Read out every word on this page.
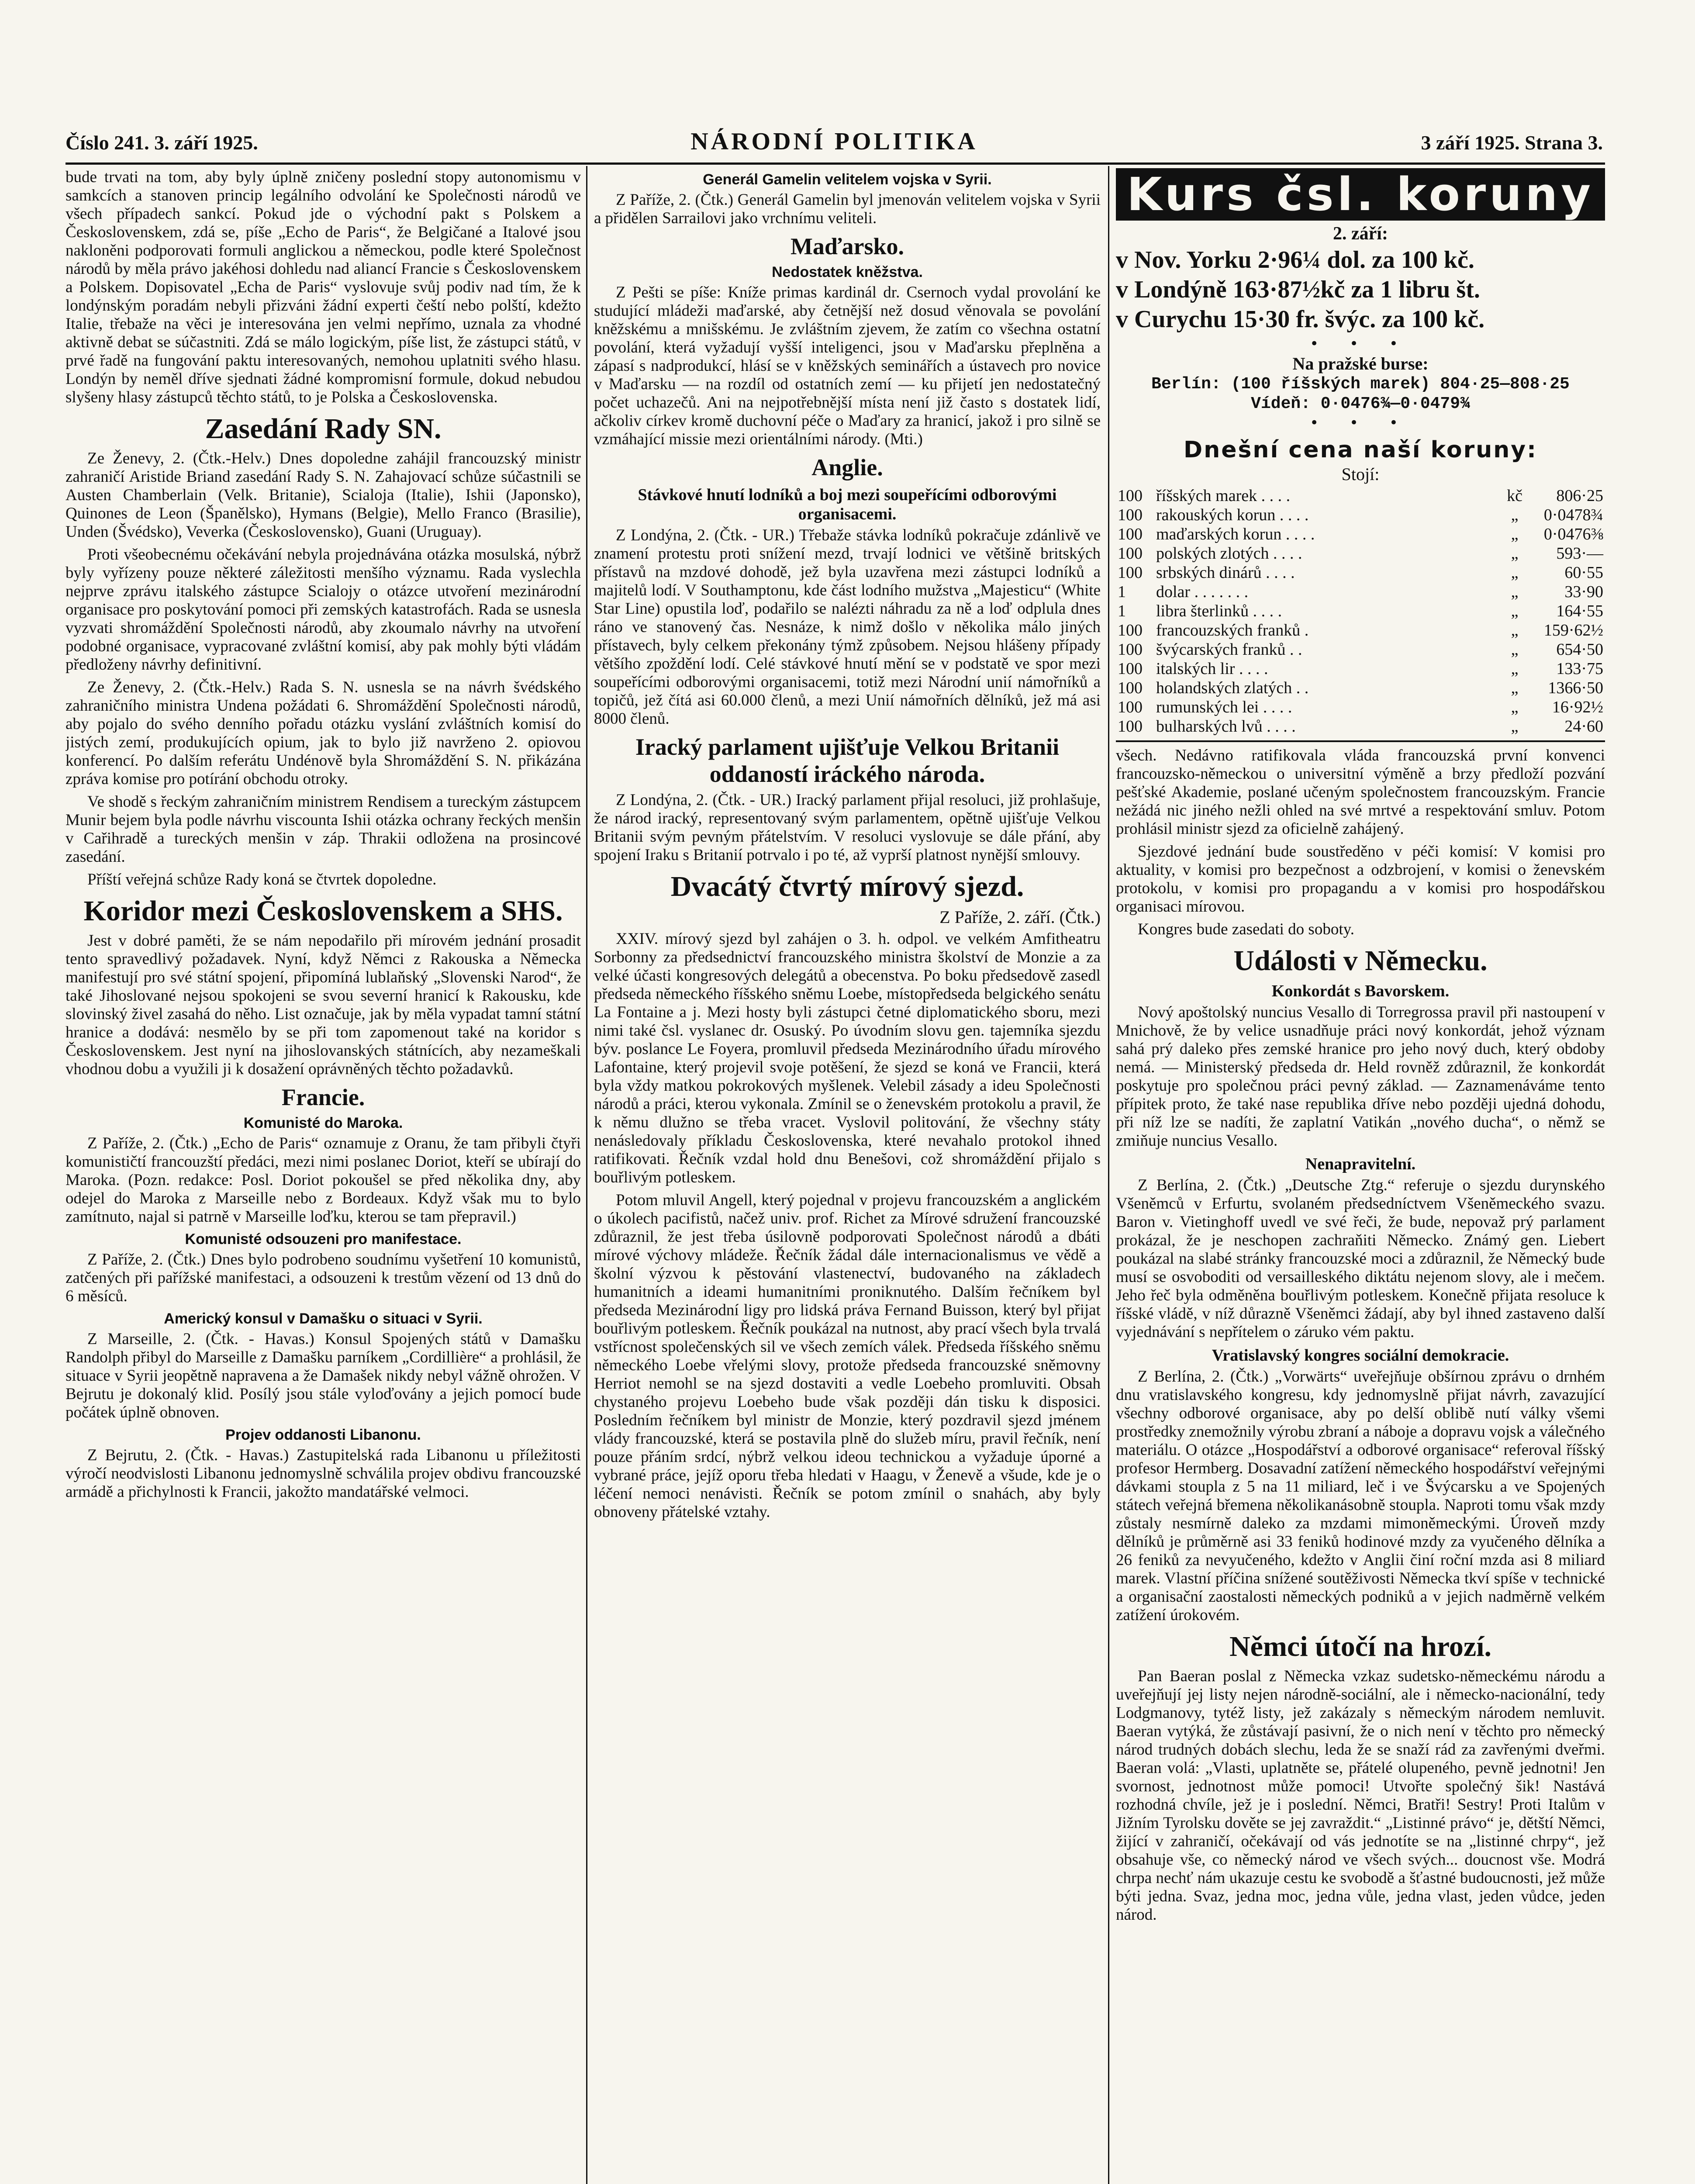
Číslo 241. 3. září 1925.	NÁRODNÍ POLITIKA	3 září 1925. Strana 3.

bude trvati na tom, aby byly úplně zničeny poslední stopy autonomismu v samkcích a stanoven princip legálního odvolání ke Společnosti národů ve všech případech sankcí. Pokud jde o východní pakt s Polskem a Československem, zdá se, píše „Echo de Paris“, že Belgičané a Italové jsou nakloněni podporovati formuli anglickou a německou, podle které Společnost národů by měla právo jakéhosi dohledu nad aliancí Francie s Československem a Polskem. Dopisovatel „Echa de Paris“ vyslovuje svůj podiv nad tím, že k londýnským poradám nebyli přizváni žádní experti čeští nebo polští, kdežto Italie, třebaže na věci je interesována jen velmi nepřímo, uznala za vhodné aktivně debat se súčastniti. Zdá se málo logickým, píše list, že zástupci států, v prvé řadě na fungování paktu interesovaných, nemohou uplatniti svého hlasu. Londýn by neměl dříve sjednati žádné kompromisní formule, dokud nebudou slyšeny hlasy zástupců těchto států, to je Polska a Československa.

Zasedání Rady SN.

Ze Ženevy, 2. (Čtk.-Helv.) Dnes dopoledne zahájil francouzský ministr zahraničí Aristide Briand zasedání Rady S. N. Zahajovací schůze súčastnili se Austen Chamberlain (Velk. Britanie), Scialoja (Italie), Ishii (Japonsko), Quinones de Leon (Španělsko), Hymans (Belgie), Mello Franco (Brasilie), Unden (Švédsko), Veverka (Československo), Guani (Uruguay).

Proti všeobecnému očekávání nebyla projednávána otázka mosulská, nýbrž byly vyřízeny pouze některé záležitosti menšího významu. Rada vyslechla nejprve zprávu italského zástupce Scialojy o otázce utvoření mezinárodní organisace pro poskytování pomoci při zemských katastrofách. Rada se usnesla vyzvati shromáždění Společnosti národů, aby zkoumalo návrhy na utvoření podobné organisace, vypracované zvláštní komisí, aby pak mohly býti vládám předloženy návrhy definitivní.

Ze Ženevy, 2. (Čtk.-Helv.) Rada S. N. usnesla se na návrh švédského zahraničního ministra Undena požádati 6. Shromáždění Společnosti národů, aby pojalo do svého denního pořadu otázku vyslání zvláštních komisí do jistých zemí, produkujících opium, jak to bylo již navrženo 2. opiovou konferencí. Po dalším referátu Undénově byla Shromáždění S. N. přikázána zpráva komise pro potírání obchodu otroky.

Ve shodě s řeckým zahraničním ministrem Rendisem a tureckým zástupcem Munir bejem byla podle návrhu viscounta Ishii otázka ochrany řeckých menšin v Cařihradě a tureckých menšin v záp. Thrakii odložena na prosincové zasedání.

Příští veřejná schůze Rady koná se čtvrtek dopoledne.

Koridor mezi Československem a SHS.

Jest v dobré paměti, že se nám nepodařilo při mírovém jednání prosadit tento spravedlivý požadavek. Nyní, když Němci z Rakouska a Německa manifestují pro své státní spojení, připomíná lublaňský „Slovenski Narod“, že také Jihoslované nejsou spokojeni se svou severní hranicí k Rakousku, kde slovinský živel zasahá do něho. List označuje, jak by měla vypadat tamní státní hranice a dodává: nesmělo by se při tom zapomenout také na koridor s Československem. Jest nyní na jihoslovanských státnících, aby nezameškali vhodnou dobu a využili ji k dosažení oprávněných těchto požadavků.

Francie.
Komunisté do Maroka.

Z Paříže, 2. (Čtk.) „Echo de Paris“ oznamuje z Oranu, že tam přibyli čtyři komunističtí francouzští předáci, mezi nimi poslanec Doriot, kteří se ubírají do Maroka. (Pozn. redakce: Posl. Doriot pokoušel se před několika dny, aby odejel do Maroka z Marseille nebo z Bordeaux. Když však mu to bylo zamítnuto, najal si patrně v Marseille loďku, kterou se tam přepravil.)

Komunisté odsouzeni pro manifestace.

Z Paříže, 2. (Čtk.) Dnes bylo podrobeno soudnímu vyšetření 10 komunistů, zatčených při pařížské manifestaci, a odsouzeni k trestům vězení od 13 dnů do 6 měsíců.

Americký konsul v Damašku o situaci v Syrii.

Z Marseille, 2. (Čtk. - Havas.) Konsul Spojených států v Damašku Randolph přibyl do Marseille z Damašku parníkem „Cordillière“ a prohlásil, že situace v Syrii jeopětně napravena a že Damašek nikdy nebyl vážně ohrožen. V Bejrutu je dokonalý klid. Posílý jsou stále vyloďovány a jejich pomocí bude počátek úplně obnoven.

Projev oddanosti Libanonu.

Z Bejrutu, 2. (Čtk. - Havas.) Zastupitelská rada Libanonu u příležitosti výročí neodvislosti Libanonu jednomyslně schválila projev obdivu francouzské armádě a přichylnosti k Francii, jakožto mandatářské velmoci.

Generál Gamelin velitelem vojska v Syrii.

Z Paříže, 2. (Čtk.) Generál Gamelin byl jmenován velitelem vojska v Syrii a přidělen Sarrailovi jako vrchnímu veliteli.

Maďarsko.
Nedostatek kněžstva.

Z Pešti se píše: Kníže primas kardinál dr. Csernoch vydal provolání ke studující mládeži maďarské, aby četnější než dosud věnovala se povolání kněžskému a mnišskému. Je zvláštním zjevem, že zatím co všechna ostatní povolání, která vyžadují vyšší inteligenci, jsou v Maďarsku přeplněna a zápasí s nadprodukcí, hlásí se v kněžských seminářích a ústavech pro novice v Maďarsku — na rozdíl od ostatních zemí — ku přijetí jen nedostatečný počet uchazečů. Ani na nejpotřebnější místa není již často s dostatek lidí, ačkoliv církev kromě duchovní péče o Maďary za hranicí, jakož i pro silně se vzmáhající missie mezi orientálními národy. (Mti.)

Anglie.
Stávkové hnutí lodníků a boj mezi soupeřícími odborovými organisacemi.

Z Londýna, 2. (Čtk. - UR.) Třebaže stávka lodníků pokračuje zdánlivě ve znamení protestu proti snížení mezd, trvají lodnici ve většině britských přístavů na mzdové dohodě, jež byla uzavřena mezi zástupci lodníků a majitelů lodí. V Southamptonu, kde část lodního mužstva „Majesticu“ (White Star Line) opustila loď, podařilo se nalézti náhradu za ně a loď odplula dnes ráno ve stanovený čas. Nesnáze, k nimž došlo v několika málo jiných přístavech, byly celkem překonány týmž způsobem. Nejsou hlášeny případy většího zpoždění lodí. Celé stávkové hnutí mění se v podstatě ve spor mezi soupeřícími odborovými organisacemi, totiž mezi Národní unií námořníků a topičů, jež čítá asi 60.000 členů, a mezi Unií námořních dělníků, jež má asi 8000 členů.

Iracký parlament ujišťuje Velkou Britanii oddaností iráckého národa.

Z Londýna, 2. (Čtk. - UR.) Iracký parlament přijal resoluci, již prohlašuje, že národ iracký, representovaný svým parlamentem, opětně ujišťuje Velkou Britanii svým pevným přátelstvím. V resoluci vyslovuje se dále přání, aby spojení Iraku s Britanií potrvalo i po té, až vyprší platnost nynější smlouvy.

Dvacátý čtvrtý mírový sjezd.
Z Paříže, 2. září. (Čtk.)

XXIV. mírový sjezd byl zahájen o 3. h. odpol. ve velkém Amfitheatru Sorbonny za předsednictví francouzského ministra školství de Monzie a za velké účasti kongresových delegátů a obecenstva. Po boku předsedově zasedl předseda německého říšského sněmu Loebe, místopředseda belgického senátu La Fontaine a j. Mezi hosty byli zástupci četné diplomatického sboru, mezi nimi také čsl. vyslanec dr. Osuský. Po úvodním slovu gen. tajemníka sjezdu býv. poslance Le Foyera, promluvil předseda Mezinárodního úřadu mírového Lafontaine, který projevil svoje potěšení, že sjezd se koná ve Francii, která byla vždy matkou pokrokových myšlenek. Velebil zásady a ideu Společnosti národů a práci, kterou vykonala. Zmínil se o ženevském protokolu a pravil, že k němu dlužno se třeba vracet. Vyslovil politování, že všechny státy nenásledovaly příkladu Československa, které nevahalo protokol ihned ratifikovati. Řečník vzdal hold dnu Benešovi, což shromáždění přijalo s bouřlivým potleskem.

Potom mluvil Angell, který pojednal v projevu francouzském a anglickém o úkolech pacifistů, načež univ. prof. Richet za Mírové sdružení francouzské zdůraznil, že jest třeba úsilovně podporovati Společnost národů a dbáti mírové výchovy mládeže. Řečník žádal dále internacionalismus ve vědě a školní výzvou k pěstování vlastenectví, budovaného na základech humanitních a ideami humanitními proniknutého. Dalším řečníkem byl předseda Mezinárodní ligy pro lidská práva Fernand Buisson, který byl přijat bouřlivým potleskem. Řečník poukázal na nutnost, aby prací všech byla trvalá vstřícnost společenských sil ve všech zemích válek. Předseda říšského sněmu německého Loebe vřelými slovy, protože předseda francouzské sněmovny Herriot nemohl se na sjezd dostaviti a vedle Loebeho promluviti. Obsah chystaného projevu Loebeho bude však později dán tisku k disposici. Posledním řečníkem byl ministr de Monzie, který pozdravil sjezd jménem vlády francouzské, která se postavila plně do služeb míru, pravil řečník, není pouze přáním srdcí, nýbrž velkou ideou technickou a vyžaduje úporné a vybrané práce, jejíž oporu třeba hledati v Haagu, v Ženevě a všude, kde je o léčení nemoci nenávisti. Řečník se potom zmínil o snahách, aby byly obnoveny přátelské vztahy.

Kurs čsl. koruny
2. září:
v Nov. Yorku 2·96¼ dol. za 100 kč.
v Londýně 163·87½kč za 1 libru št.
v Curychu 15·30 fr. švýc. za 100 kč.
• • •
Na pražské burse:
Berlín: (100 říšských marek) 804·25—808·25
Vídeň: 0·0476¾—0·0479¾
• • •
Dnešní cena naší koruny:
Stojí:
100	říšských marek . . . .	kč	806·25
100	rakouských korun . . . .	„	0·0478¾
100	maďarských korun . . . .	„	0·0476⅜
100	polských zlotých . . . .	„	593·—
100	srbských dinárů . . . .	„	60·55
1	dolar . . . . . . .	„	33·90
1	libra šterlinků . . . .	„	164·55
100	francouzských franků .	„	159·62½
100	švýcarských franků . .	„	654·50
100	italských lir . . . .	„	133·75
100	holandských zlatých . .	„	1366·50
100	rumunských lei . . . .	„	16·92½
100	bulharských lvů . . . .	„	24·60

všech. Nedávno ratifikovala vláda francouzská první konvenci francouzsko-německou o universitní výměně a brzy předloží pozvání pešťské Akademie, poslané učeným společnostem francouzským. Francie nežádá nic jiného nežli ohled na své mrtvé a respektování smluv. Potom prohlásil ministr sjezd za oficielně zahájený.

Sjezdové jednání bude soustředěno v péči komisí: V komisi pro aktuality, v komisi pro bezpečnost a odzbrojení, v komisi o ženevském protokolu, v komisi pro propagandu a v komisi pro hospodářskou organisaci mírovou.

Kongres bude zasedati do soboty.

Události v Německu.
Konkordát s Bavorskem.

Nový apoštolský nuncius Vesallo di Torregrossa pravil při nastoupení v Mnichově, že by velice usnadňuje práci nový konkordát, jehož význam sahá prý daleko přes zemské hranice pro jeho nový duch, který obdoby nemá. — Ministerský předseda dr. Held rovněž zdůraznil, že konkordát poskytuje pro společnou práci pevný základ. — Zaznamenáváme tento přípitek proto, že také nase republika dříve nebo později ujedná dohodu, při níž lze se nadíti, že zaplatní Vatikán „nového ducha“, o němž se zmiňuje nuncius Vesallo.

Nenapravitelní.

Z Berlína, 2. (Čtk.) „Deutsche Ztg.“ referuje o sjezdu durynského Všeněmců v Erfurtu, svolaném předsedníctvem Všeněmeckého svazu. Baron v. Vietinghoff uvedl ve své řeči, že bude, nepovaž prý parlament prokázal, že je neschopen zachraňiti Německo. Známý gen. Liebert poukázal na slabé stránky francouzské moci a zdůraznil, že Německý bude musí se osvoboditi od versailleského diktátu nejenom slovy, ale i mečem. Jeho řeč byla odměněna bouřlivým potleskem. Konečně přijata resoluce k říšské vládě, v níž důrazně Všeněmci žádají, aby byl ihned zastaveno další vyjednávání s nepřítelem o záruko vém paktu.

Vratislavský kongres sociální demokracie.

Z Berlína, 2. (Čtk.) „Vorwärts“ uveřejňuje obšírnou zprávu o drnhém dnu vratislavského kongresu, kdy jednomyslně přijat návrh, zavazující všechny odborové organisace, aby po delší oblibě nutí války všemi prostředky znemožnily výrobu zbraní a náboje a dopravu vojsk a válečného materiálu. O otázce „Hospodářství a odborové organisace“ referoval říšský profesor Hermberg. Dosavadní zatížení německého hospodářství veřejnými dávkami stoupla z 5 na 11 miliard, leč i ve Švýcarsku a ve Spojených státech veřejná břemena několikanásobně stoupla. Naproti tomu však mzdy zůstaly nesmírně daleko za mzdami mimoněmeckými. Úroveň mzdy dělníků je průměrně asi 33 feniků hodinové mzdy za vyučeného dělníka a 26 feniků za nevyučeného, kdežto v Anglii činí roční mzda asi 8 miliard marek. Vlastní příčina snížené soutěživosti Německa tkví spíše v technické a organisační zaostalosti německých podniků a v jejich nadměrně velkém zatížení úrokovém.

Němci útočí na hrozí.

Pan Baeran poslal z Německa vzkaz sudetsko-německému národu a uveřejňují jej listy nejen národně-sociální, ale i německo-nacionální, tedy Lodgmanovy, tytéž listy, jež zakázaly s německým národem nemluvit. Baeran vytýká, že zůstávají pasivní, že o nich není v těchto pro německý národ trudných dobách slechu, leda že se snaží rád za zavřenými dveřmi. Baeran volá: „Vlasti, uplatněte se, přátelé olupeného, pevně jednotni! Jen svornost, jednotnost může pomoci! Utvořte společný šik! Nastává rozhodná chvíle, jež je i poslední. Němci, Bratři! Sestry! Proti Italům v Jižním Tyrolsku dověte se jej zavraždit.“ „Listinné právo“ je, dětští Němci, žijící v zahraničí, očekávají od vás jednotíte se na „listinné chrpy“, jež obsahuje vše, co německý národ ve všech svých... doucnost vše. Modrá chrpa nechť nám ukazuje cestu ke svobodě a šťastné budoucnosti, jež může býti jedna. Svaz, jedna moc, jedna vůle, jedna vlast, jeden vůdce, jeden národ.
